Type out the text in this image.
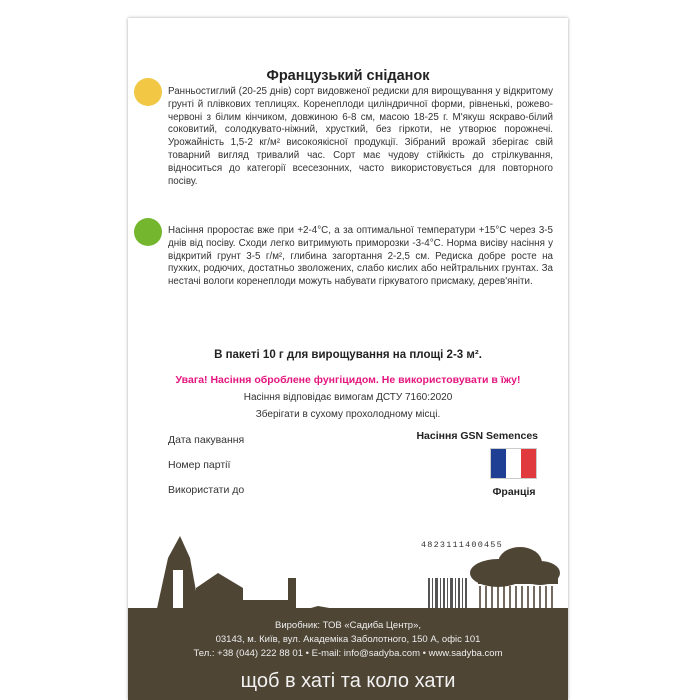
Французький сніданок

Ранньостиглий (20-25 днів) сорт видовженої редиски для вирощування у відкритому грунті й плівкових теплицях. Коренеплоди циліндричної форми, рівненькі, рожево-червоні з білим кінчиком, довжиною 6-8 см, масою 18-25 г. М'якуш яскраво-білий соковитий, солодкувато-ніжний, хрусткий, без гіркоти, не утворює порожнечі. Урожайність 1,5-2 кг/м² високоякісної продукції. Зібраний врожай зберігає свій товарний вигляд тривалий час. Сорт має чудову стійкість до стрілкування, відноситься до категорії всесезонних, часто використовується для повторного посіву.

Насіння проростає вже при +2-4°С, а за оптимальної температури +15°С через 3-5 днів від посіву. Сходи легко витримують приморозки -3-4°С. Норма висіву насіння у відкритий грунт 3-5 г/м², глибина загортання 2-2,5 см. Редиска добре росте на пухких, родючих, достатньо зволожених, слабо кислих або нейтральних грунтах. За нестачі вологи коренеплоди можуть набувати гіркуватого присмаку, дерев'яніти.

В пакеті 10 г для вирощування на площі 2-3 м².
Увага! Насіння оброблене фунгіцидом. Не використовувати в їжу!
Насіння відповідає вимогам ДСТУ 7160:2020
Зберігати в сухому прохолодному місці.
Дата пакування
Номер партії
Використати до
Насіння GSN Semences
Франція
4823111400455
Виробник: ТОВ «Садиба Центр»,
03143, м. Київ, вул. Академіка Заболотного, 150 А, офіс 101
Тел.: +38 (044) 222 88 01 • E-mail: info@sadyba.com • www.sadyba.com
щоб в хаті та коло хати
